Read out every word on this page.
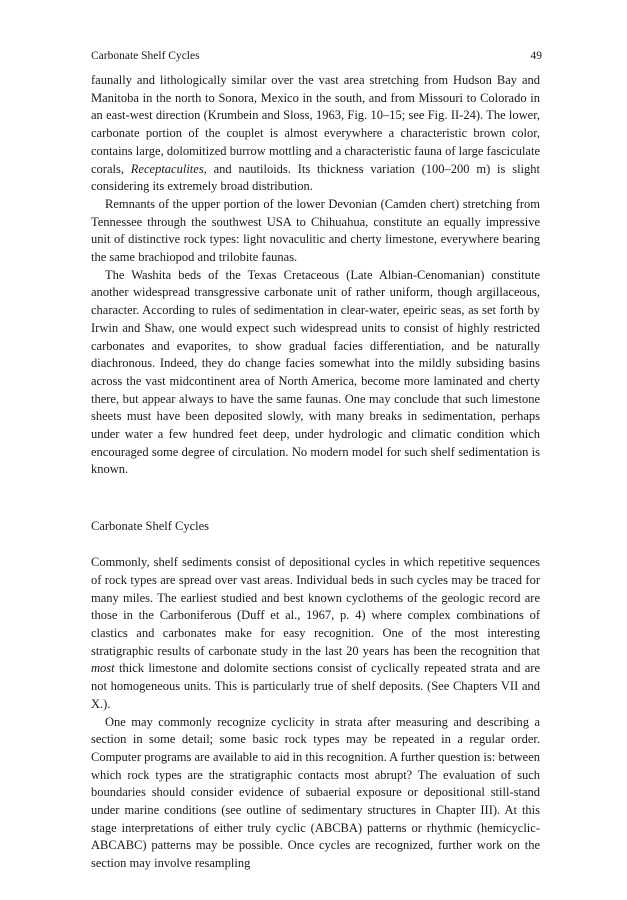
Carbonate Shelf Cycles	49

faunally and lithologically similar over the vast area stretching from Hudson Bay and Manitoba in the north to Sonora, Mexico in the south, and from Missouri to Colorado in an east-west direction (Krumbein and Sloss, 1963, Fig. 10–15; see Fig. II-24). The lower, carbonate portion of the couplet is almost everywhere a characteristic brown color, contains large, dolomitized burrow mottling and a characteristic fauna of large fasciculate corals, Receptaculites, and nautiloids. Its thickness variation (100–200 m) is slight considering its extremely broad distribution.

Remnants of the upper portion of the lower Devonian (Camden chert) stretching from Tennessee through the southwest USA to Chihuahua, constitute an equally impressive unit of distinctive rock types: light novaculitic and cherty limestone, everywhere bearing the same brachiopod and trilobite faunas.

The Washita beds of the Texas Cretaceous (Late Albian-Cenomanian) constitute another widespread transgressive carbonate unit of rather uniform, though argillaceous, character. According to rules of sedimentation in clear-water, epeiric seas, as set forth by Irwin and Shaw, one would expect such widespread units to consist of highly restricted carbonates and evaporites, to show gradual facies differentiation, and be naturally diachronous. Indeed, they do change facies somewhat into the mildly subsiding basins across the vast midcontinent area of North America, become more laminated and cherty there, but appear always to have the same faunas. One may conclude that such limestone sheets must have been deposited slowly, with many breaks in sedimentation, perhaps under water a few hundred feet deep, under hydrologic and climatic condition which encouraged some degree of circulation. No modern model for such shelf sedimentation is known.

Carbonate Shelf Cycles

Commonly, shelf sediments consist of depositional cycles in which repetitive sequences of rock types are spread over vast areas. Individual beds in such cycles may be traced for many miles. The earliest studied and best known cyclothems of the geologic record are those in the Carboniferous (Duff et al., 1967, p. 4) where complex combinations of clastics and carbonates make for easy recognition. One of the most interesting stratigraphic results of carbonate study in the last 20 years has been the recognition that most thick limestone and dolomite sections consist of cyclically repeated strata and are not homogeneous units. This is particularly true of shelf deposits. (See Chapters VII and X.).

One may commonly recognize cyclicity in strata after measuring and describing a section in some detail; some basic rock types may be repeated in a regular order. Computer programs are available to aid in this recognition. A further question is: between which rock types are the stratigraphic contacts most abrupt? The evaluation of such boundaries should consider evidence of subaerial exposure or depositional still-stand under marine conditions (see outline of sedimentary structures in Chapter III). At this stage interpretations of either truly cyclic (ABCBA) patterns or rhythmic (hemicyclic-ABCABC) patterns may be possible. Once cycles are recognized, further work on the section may involve resampling
